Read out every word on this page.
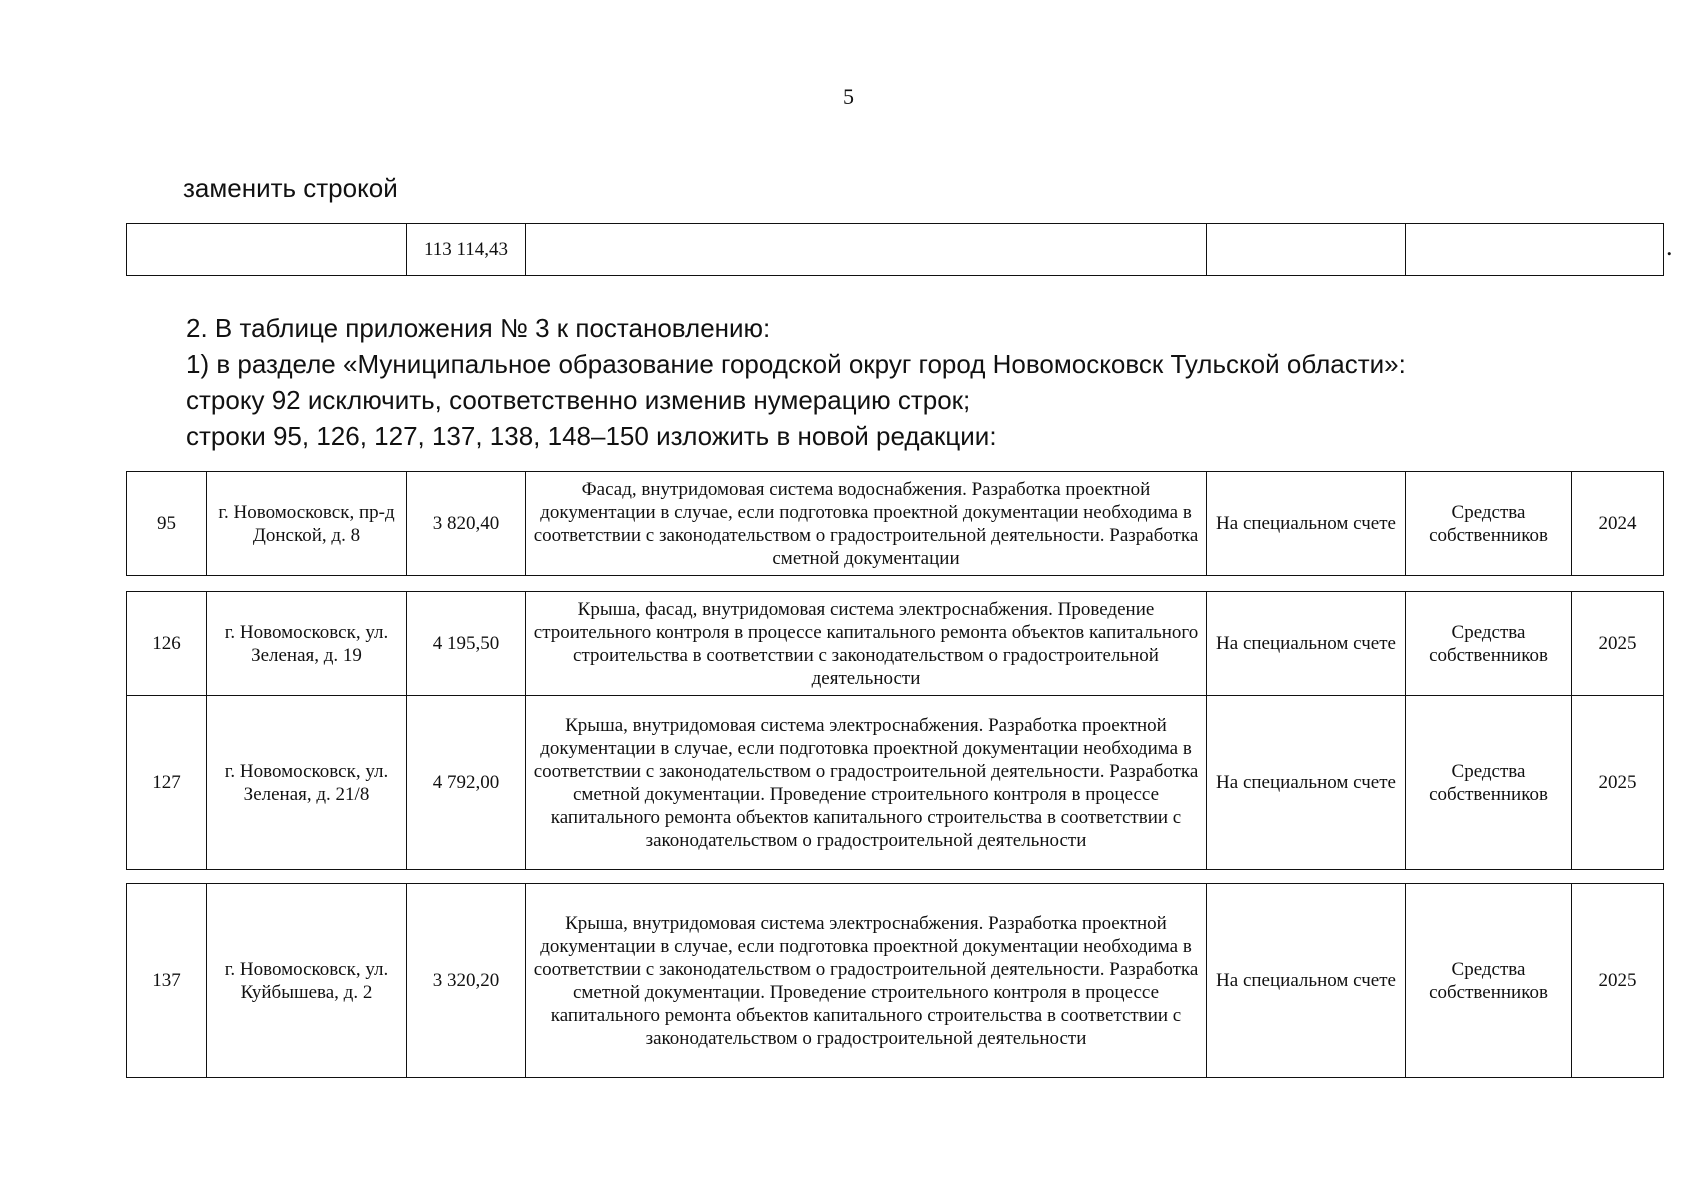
5

заменить строкой

	113 114,43				.
2. В таблице приложения № 3 к постановлению:
1) в разделе «Муниципальное образование городской округ город Новомосковск Тульской области»:
строку 92 исключить, соответственно изменив нумерацию строк;
строки 95, 126, 127, 137, 138, 148–150 изложить в новой редакции:
95	г. Новомосковск, пр-д Донской, д. 8	3 820,40	Фасад, внутридомовая система водоснабжения. Разработка проектной документации в случае, если подготовка проектной документации необходима в соответствии с законодательством о градостроительной деятельности. Разработка сметной документации	На специальном счете	Средства собственников	2024
126	г. Новомосковск, ул. Зеленая, д. 19	4 195,50	Крыша, фасад, внутридомовая система электроснабжения. Проведение строительного контроля в процессе капитального ремонта объектов капитального строительства в соответствии с законодательством о градостроительной деятельности	На специальном счете	Средства собственников	2025
127	г. Новомосковск, ул. Зеленая, д. 21/8	4 792,00	Крыша, внутридомовая система электроснабжения. Разработка проектной документации в случае, если подготовка проектной документации необходима в соответствии с законодательством о градостроительной деятельности. Разработка сметной документации. Проведение строительного контроля в процессе капитального ремонта объектов капитального строительства в соответствии с законодательством о градостроительной деятельности	На специальном счете	Средства собственников	2025
137	г. Новомосковск, ул. Куйбышева, д. 2	3 320,20	Крыша, внутридомовая система электроснабжения. Разработка проектной документации в случае, если подготовка проектной документации необходима в соответствии с законодательством о градостроительной деятельности. Разработка сметной документации. Проведение строительного контроля в процессе капитального ремонта объектов капитального строительства в соответствии с законодательством о градостроительной деятельности	На специальном счете	Средства собственников	2025
